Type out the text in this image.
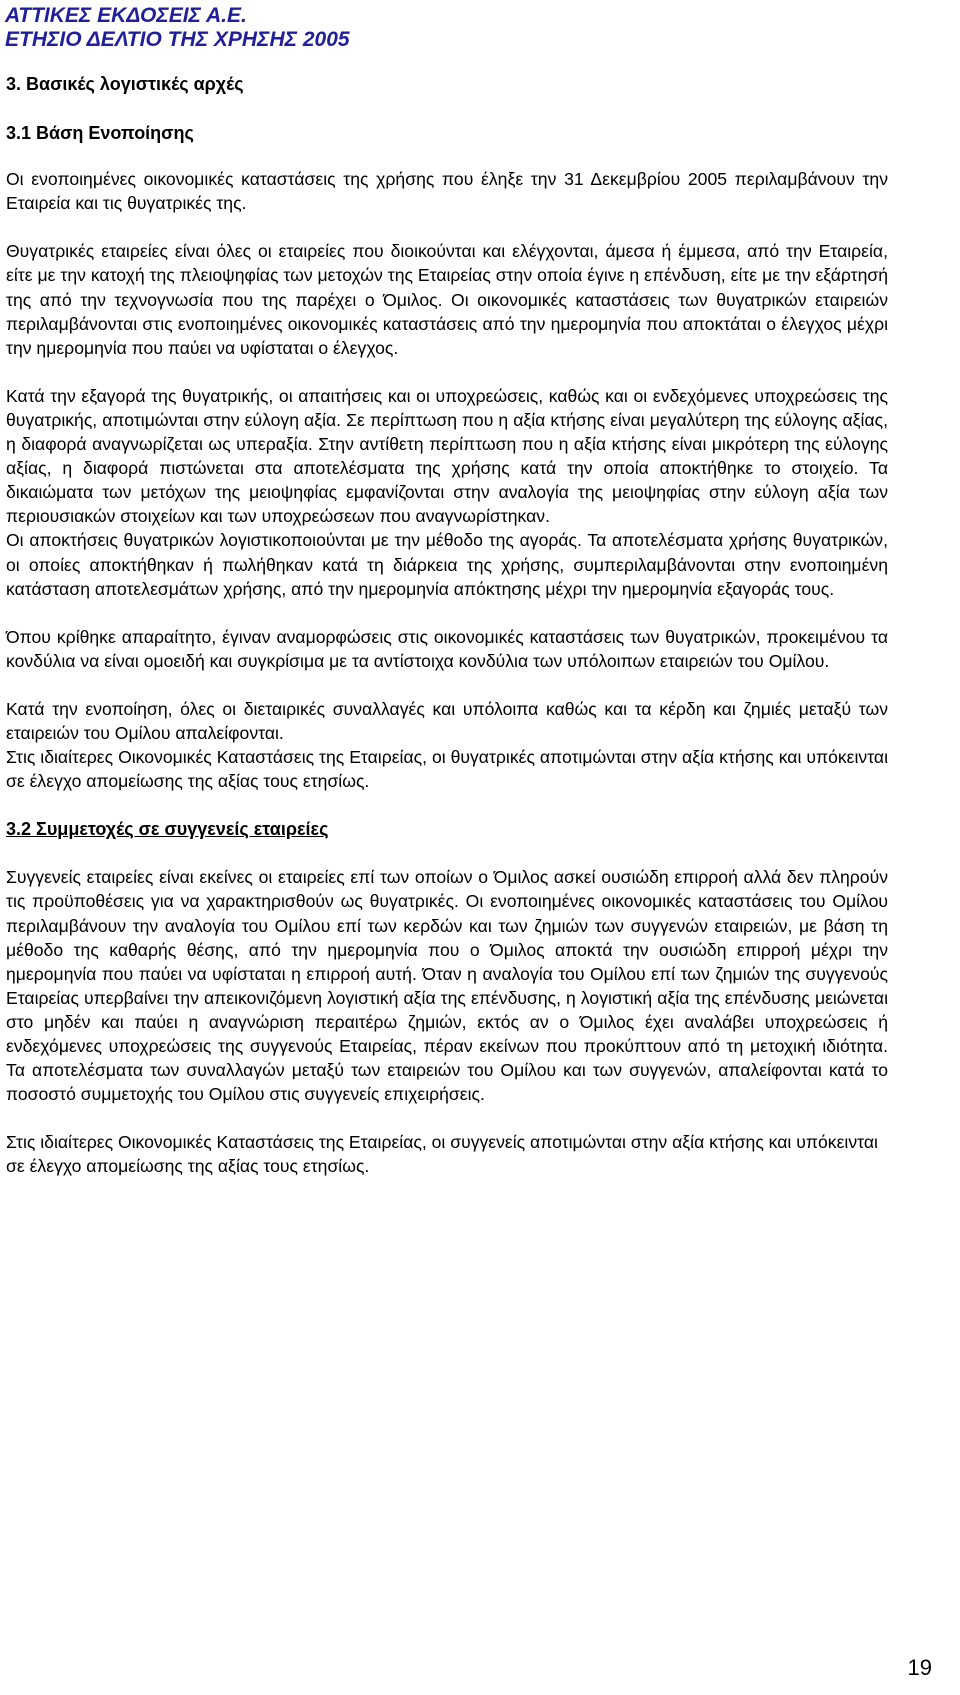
ΑΤΤΙΚΕΣ ΕΚΔΟΣΕΙΣ Α.Ε.
ΕΤΗΣΙΟ ΔΕΛΤΙΟ ΤΗΣ ΧΡΗΣΗΣ 2005
3. Βασικές λογιστικές αρχές
3.1 Βάση Ενοποίησης

Οι ενοποιημένες οικονομικές καταστάσεις της χρήσης που έληξε την 31 Δεκεμβρίου 2005 περιλαμβάνουν την Εταιρεία και τις θυγατρικές της.

Θυγατρικές εταιρείες είναι όλες οι εταιρείες που διοικούνται και ελέγχονται, άμεσα ή έμμεσα, από την Εταιρεία, είτε με την κατοχή της πλειοψηφίας των μετοχών της Εταιρείας στην οποία έγινε η επένδυση, είτε με την εξάρτησή της από την τεχνογνωσία που της παρέχει ο Όμιλος. Οι οικονομικές καταστάσεις των θυγατρικών εταιρειών περιλαμβάνονται στις ενοποιημένες οικονομικές καταστάσεις από την ημερομηνία που αποκτάται ο έλεγχος μέχρι την ημερομηνία που παύει να υφίσταται ο έλεγχος.

Κατά την εξαγορά της θυγατρικής, οι απαιτήσεις και οι υποχρεώσεις, καθώς και οι ενδεχόμενες υποχρεώσεις της θυγατρικής, αποτιμώνται στην εύλογη αξία. Σε περίπτωση που η αξία κτήσης είναι μεγαλύτερη της εύλογης αξίας, η διαφορά αναγνωρίζεται ως υπεραξία. Στην αντίθετη περίπτωση που η αξία κτήσης είναι μικρότερη της εύλογης αξίας, η διαφορά πιστώνεται στα αποτελέσματα της χρήσης κατά την οποία αποκτήθηκε το στοιχείο. Τα δικαιώματα των μετόχων της μειοψηφίας εμφανίζονται στην αναλογία της μειοψηφίας στην εύλογη αξία των περιουσιακών στοιχείων και των υποχρεώσεων που αναγνωρίστηκαν.

Οι αποκτήσεις θυγατρικών λογιστικοποιούνται με την μέθοδο της αγοράς. Τα αποτελέσματα χρήσης θυγατρικών, οι οποίες αποκτήθηκαν ή πωλήθηκαν κατά τη διάρκεια της χρήσης, συμπεριλαμβάνονται στην ενοποιημένη κατάσταση αποτελεσμάτων χρήσης, από την ημερομηνία απόκτησης μέχρι την ημερομηνία εξαγοράς τους.

Όπου κρίθηκε απαραίτητο, έγιναν αναμορφώσεις στις οικονομικές καταστάσεις των θυγατρικών, προκειμένου τα κονδύλια να είναι ομοειδή και συγκρίσιμα με τα αντίστοιχα κονδύλια των υπόλοιπων εταιρειών του Ομίλου.

Κατά την ενοποίηση, όλες οι διεταιρικές συναλλαγές και υπόλοιπα καθώς και τα κέρδη και ζημιές μεταξύ των εταιρειών του Ομίλου απαλείφονται.

Στις ιδιαίτερες Οικονομικές Καταστάσεις της Εταιρείας, οι θυγατρικές αποτιμώνται στην αξία κτήσης και υπόκεινται σε έλεγχο απομείωσης της αξίας τους ετησίως.

3.2 Συμμετοχές σε συγγενείς εταιρείες

Συγγενείς εταιρείες είναι εκείνες οι εταιρείες επί των οποίων ο Όμιλος ασκεί ουσιώδη επιρροή αλλά δεν πληρούν τις προϋποθέσεις για να χαρακτηρισθούν ως θυγατρικές. Οι ενοποιημένες οικονομικές καταστάσεις του Ομίλου περιλαμβάνουν την αναλογία του Ομίλου επί των κερδών και των ζημιών των συγγενών εταιρειών, με βάση τη μέθοδο της καθαρής θέσης, από την ημερομηνία που ο Όμιλος αποκτά την ουσιώδη επιρροή μέχρι την ημερομηνία που παύει να υφίσταται η επιρροή αυτή. Όταν η αναλογία του Ομίλου επί των ζημιών της συγγενούς Εταιρείας υπερβαίνει την απεικονιζόμενη λογιστική αξία της επένδυσης, η λογιστική αξία της επένδυσης μειώνεται στο μηδέν και παύει η αναγνώριση περαιτέρω ζημιών, εκτός αν ο Όμιλος έχει αναλάβει υποχρεώσεις ή ενδεχόμενες υποχρεώσεις της συγγενούς Εταιρείας, πέραν εκείνων που προκύπτουν από τη μετοχική ιδιότητα. Τα αποτελέσματα των συναλλαγών μεταξύ των εταιρειών του Ομίλου και των συγγενών, απαλείφονται κατά το ποσοστό συμμετοχής του Ομίλου στις συγγενείς επιχειρήσεις.

Στις ιδιαίτερες Οικονομικές Καταστάσεις της Εταιρείας, οι συγγενείς αποτιμώνται στην αξία κτήσης και υπόκεινται σε έλεγχο απομείωσης της αξίας τους ετησίως.

19
